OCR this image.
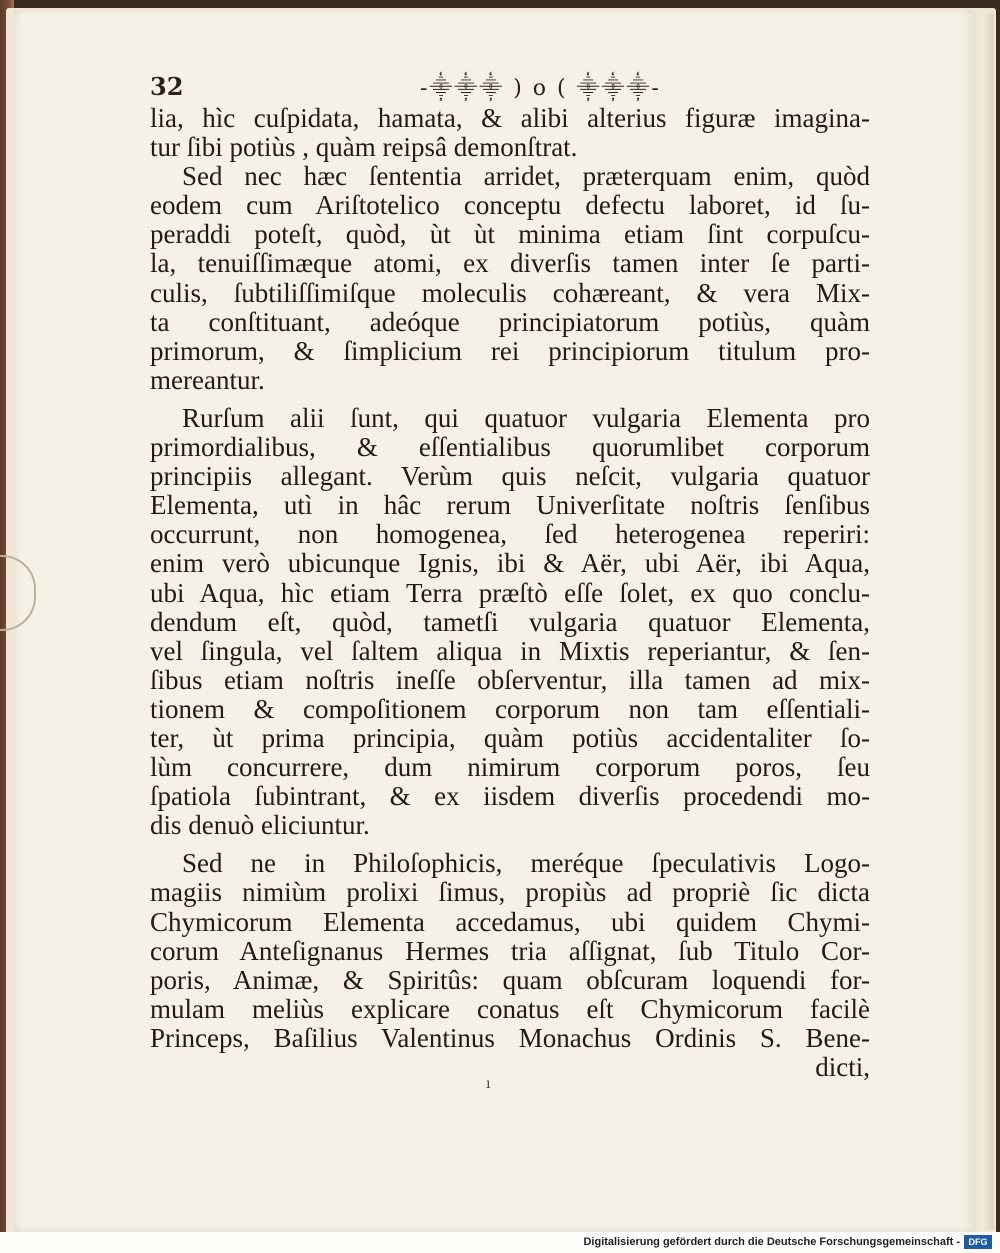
32	-⸎⸎⸎ ) o ( ⸎⸎⸎-
lia, hìc cuſpidata, hamata, & alibi alterius figuræ imagina-
tur ſibi potiùs , quàm reipsâ demonſtrat.
Sed nec hæc ſententia arridet, præterquam enim, quòd
eodem cum Ariſtotelico conceptu defectu laboret, id ſu-
peraddi poteſt, quòd, ùt ùt minima etiam ſint corpuſcu-
la, tenuiſſimæque atomi, ex diverſis tamen inter ſe parti-
culis, ſubtiliſſimiſque moleculis cohæreant, & vera Mix-
ta conſtituant, adeóque principiatorum potiùs, quàm
primorum, & ſimplicium rei principiorum titulum pro-
mereantur.
Rurſum alii ſunt, qui quatuor vulgaria Elementa pro
primordialibus, & eſſentialibus quorumlibet corporum
principiis allegant. Verùm quis neſcit, vulgaria quatuor
Elementa, utì in hâc rerum Univerſitate noſtris ſenſibus
occurrunt, non homogenea, ſed heterogenea reperiri:
enim verò ubicunque Ignis, ibi & Aër, ubi Aër, ibi Aqua,
ubi Aqua, hìc etiam Terra præſtò eſſe ſolet, ex quo conclu-
dendum eſt, quòd, tametſi vulgaria quatuor Elementa,
vel ſingula, vel ſaltem aliqua in Mixtis reperiantur, & ſen-
ſibus etiam noſtris ineſſe obſerventur, illa tamen ad mix-
tionem & compoſitionem corporum non tam eſſentiali-
ter, ùt prima principia, quàm potiùs accidentaliter ſo-
lùm concurrere, dum nimirum corporum poros, ſeu
ſpatiola ſubintrant, & ex iisdem diverſis procedendi mo-
dis denuò eliciuntur.
Sed ne in Philoſophicis, meréque ſpeculativis Logo-
magiis nimiùm prolixi ſimus, propiùs ad propriè ſic dicta
Chymicorum Elementa accedamus, ubi quidem Chymi-
corum Anteſignanus Hermes tria aſſignat, ſub Titulo Cor-
poris, Animæ, & Spiritûs: quam obſcuram loquendi for-
mulam meliùs explicare conatus eſt Chymicorum facilè
Princeps, Baſilius Valentinus Monachus Ordinis S. Bene-
dicti,
ı
Digitalisierung gefördert durch die Deutsche Forschungsgemeinschaft - DFG
